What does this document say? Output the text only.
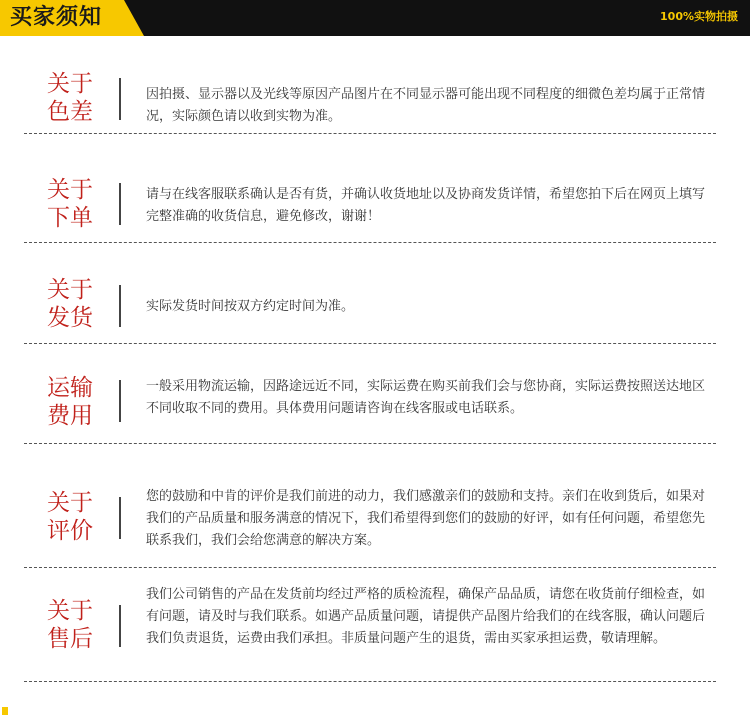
买家须知	100%实物拍摄
关于
色差
因拍摄、显示器以及光线等原因产品图片在不同显示器可能出现不同程度的细微色差均属于正常情况，实际颜色请以收到实物为准。
关于
下单
请与在线客服联系确认是否有货，并确认收货地址以及协商发货详情，希望您拍下后在网页上填写完整准确的收货信息，避免修改，谢谢！
关于
发货	实际发货时间按双方约定时间为准。
运输
费用
一般采用物流运输，因路途远近不同，实际运费在购买前我们会与您协商，实际运费按照送达地区不同收取不同的费用。具体费用问题请咨询在线客服或电话联系。
关于
评价
您的鼓励和中肯的评价是我们前进的动力，我们感激亲们的鼓励和支持。亲们在收到货后，如果对我们的产品质量和服务满意的情况下，我们希望得到您们的鼓励的好评，如有任何问题，希望您先联系我们，我们会给您满意的解决方案。
关于
售后
我们公司销售的产品在发货前均经过严格的质检流程，确保产品品质，请您在收货前仔细检查，如有问题，请及时与我们联系。如遇产品质量问题，请提供产品图片给我们的在线客服，确认问题后我们负责退货，运费由我们承担。非质量问题产生的退货，需由买家承担运费，敬请理解。
